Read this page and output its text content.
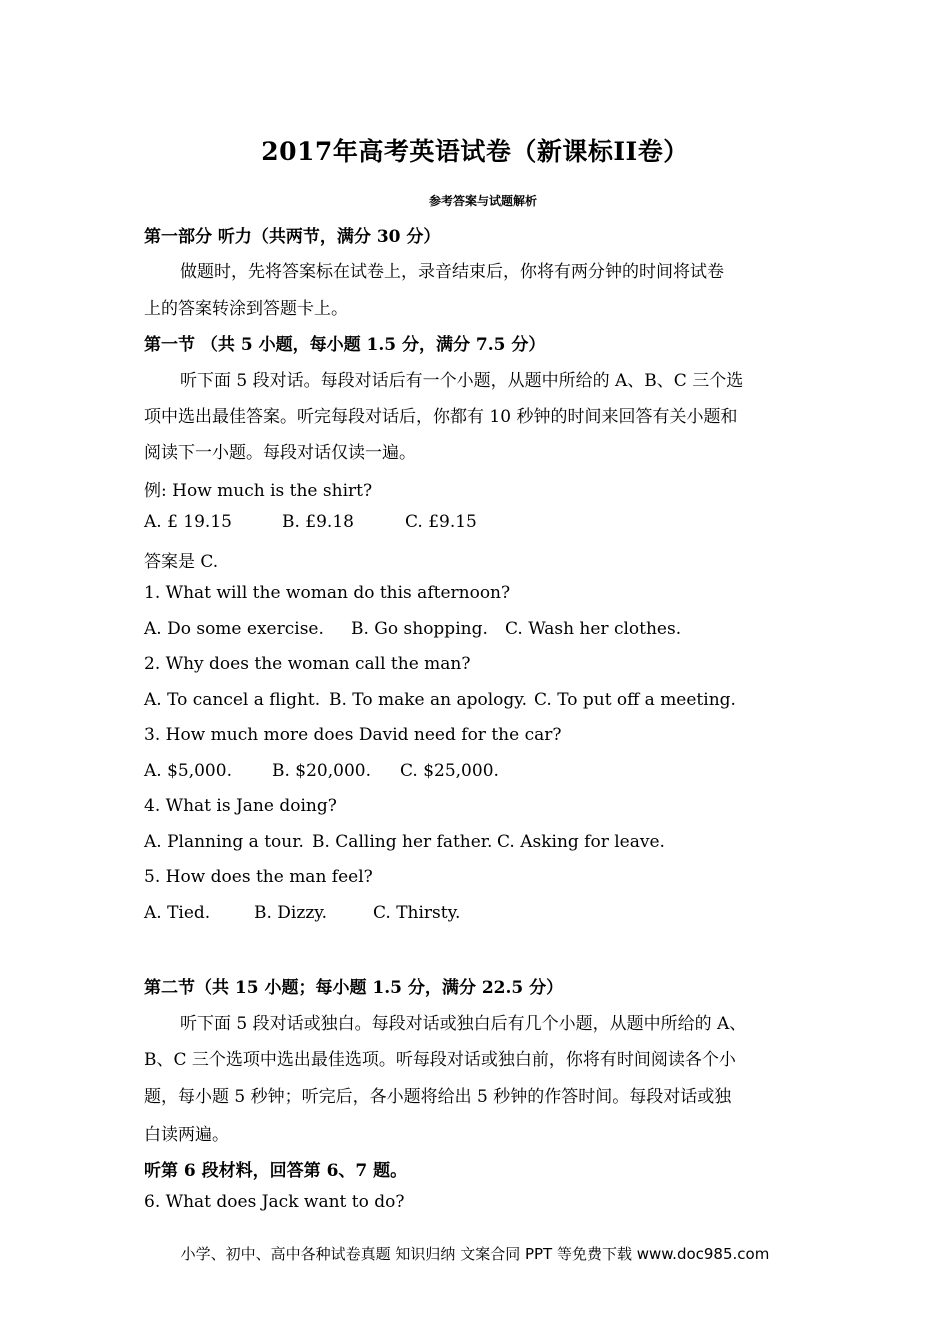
2017年高考英语试卷（新课标II卷）
参考答案与试题解析
第一部分 听力（共两节，满分 30 分）
做题时，先将答案标在试卷上，录音结束后，你将有两分钟的时间将试卷
上的答案转涂到答题卡上。
第一节 （共 5 小题，每小题 1.5 分，满分 7.5 分）
听下面 5 段对话。每段对话后有一个小题，从题中所给的 A、B、C 三个选
项中选出最佳答案。听完每段对话后，你都有 10 秒钟的时间来回答有关小题和
阅读下一小题。每段对话仅读一遍。
例: How much is the shirt?
A. £ 19.15	B. £9.18	C. £9.15
答案是 C.
1. What will the woman do this afternoon?
A. Do some exercise. B. Go shopping. C. Wash her clothes.
2. Why does the woman call the man?
A. To cancel a flight. B. To make an apology. C. To put off a meeting.
3. How much more does David need for the car?
A. $5,000. B. $20,000. C. $25,000.
4. What is Jane doing?
A. Planning a tour. B. Calling her father. C. Asking for leave.
5. How does the man feel?
A. Tied.	B. Dizzy.	C. Thirsty.
第二节（共 15 小题；每小题 1.5 分，满分 22.5 分）
听下面 5 段对话或独白。每段对话或独白后有几个小题，从题中所给的 A、
B、C 三个选项中选出最佳选项。听每段对话或独白前，你将有时间阅读各个小
题，每小题 5 秒钟；听完后，各小题将给出 5 秒钟的作答时间。每段对话或独
白读两遍。
听第 6 段材料，回答第 6、7 题。
6. What does Jack want to do?
小学、初中、高中各种试卷真题 知识归纳 文案合同 PPT 等免费下载 www.doc985.com
